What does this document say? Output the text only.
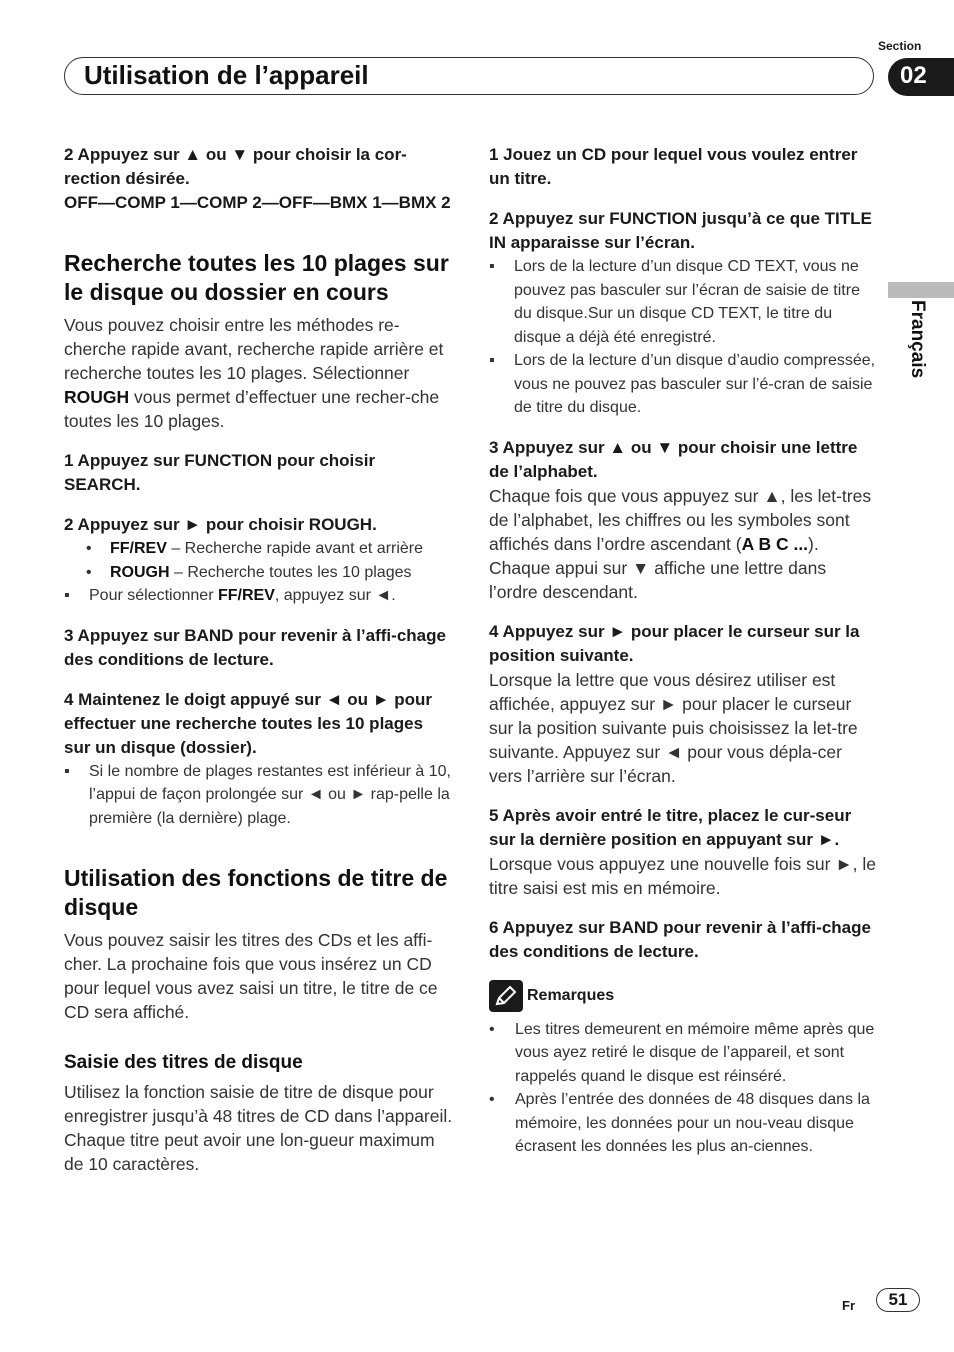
Utilisation de l’appareil
Section
02
Français

2 Appuyez sur ▲ ou ▼ pour choisir la cor-rection désirée.

OFF—COMP 1—COMP 2—OFF—BMX 1—BMX 2

Recherche toutes les 10 plages sur le disque ou dossier en cours

Vous pouvez choisir entre les méthodes re-cherche rapide avant, recherche rapide arrière et recherche toutes les 10 plages. Sélectionner ROUGH vous permet d’effectuer une recher-che toutes les 10 plages.

1 Appuyez sur FUNCTION pour choisir SEARCH.

2 Appuyez sur ► pour choisir ROUGH.

• FF/REV – Recherche rapide avant et arrière

• ROUGH – Recherche toutes les 10 plages

▪ Pour sélectionner FF/REV, appuyez sur ◄.

3 Appuyez sur BAND pour revenir à l’affi-chage des conditions de lecture.

4 Maintenez le doigt appuyé sur ◄ ou ► pour effectuer une recherche toutes les 10 plages sur un disque (dossier).

▪ Si le nombre de plages restantes est inférieur à 10, l’appui de façon prolongée sur ◄ ou ► rap-pelle la première (la dernière) plage.

Utilisation des fonctions de titre de disque

Vous pouvez saisir les titres des CDs et les affi-cher. La prochaine fois que vous insérez un CD pour lequel vous avez saisi un titre, le titre de ce CD sera affiché.

Saisie des titres de disque

Utilisez la fonction saisie de titre de disque pour enregistrer jusqu’à 48 titres de CD dans l’appareil. Chaque titre peut avoir une lon-gueur maximum de 10 caractères.

1 Jouez un CD pour lequel vous voulez entrer un titre.

2 Appuyez sur FUNCTION jusqu’à ce que TITLE IN apparaisse sur l’écran.

▪ Lors de la lecture d’un disque CD TEXT, vous ne pouvez pas basculer sur l’écran de saisie de titre du disque.Sur un disque CD TEXT, le titre du disque a déjà été enregistré.

▪ Lors de la lecture d’un disque d’audio compressée, vous ne pouvez pas basculer sur l’é-cran de saisie de titre du disque.

3 Appuyez sur ▲ ou ▼ pour choisir une lettre de l’alphabet.

Chaque fois que vous appuyez sur ▲, les let-tres de l’alphabet, les chiffres ou les symboles sont affichés dans l’ordre ascendant (A B C ...). Chaque appui sur ▼ affiche une lettre dans l’ordre descendant.

4 Appuyez sur ► pour placer le curseur sur la position suivante.

Lorsque la lettre que vous désirez utiliser est affichée, appuyez sur ► pour placer le curseur sur la position suivante puis choisissez la let-tre suivante. Appuyez sur ◄ pour vous dépla-cer vers l’arrière sur l’écran.

5 Après avoir entré le titre, placez le cur-seur sur la dernière position en appuyant sur ►.

Lorsque vous appuyez une nouvelle fois sur ►, le titre saisi est mis en mémoire.

6 Appuyez sur BAND pour revenir à l’affi-chage des conditions de lecture.

Remarques

• Les titres demeurent en mémoire même après que vous ayez retiré le disque de l’appareil, et sont rappelés quand le disque est réinséré.

• Après l’entrée des données de 48 disques dans la mémoire, les données pour un nou-veau disque écrasent les données les plus an-ciennes.

Fr	51
